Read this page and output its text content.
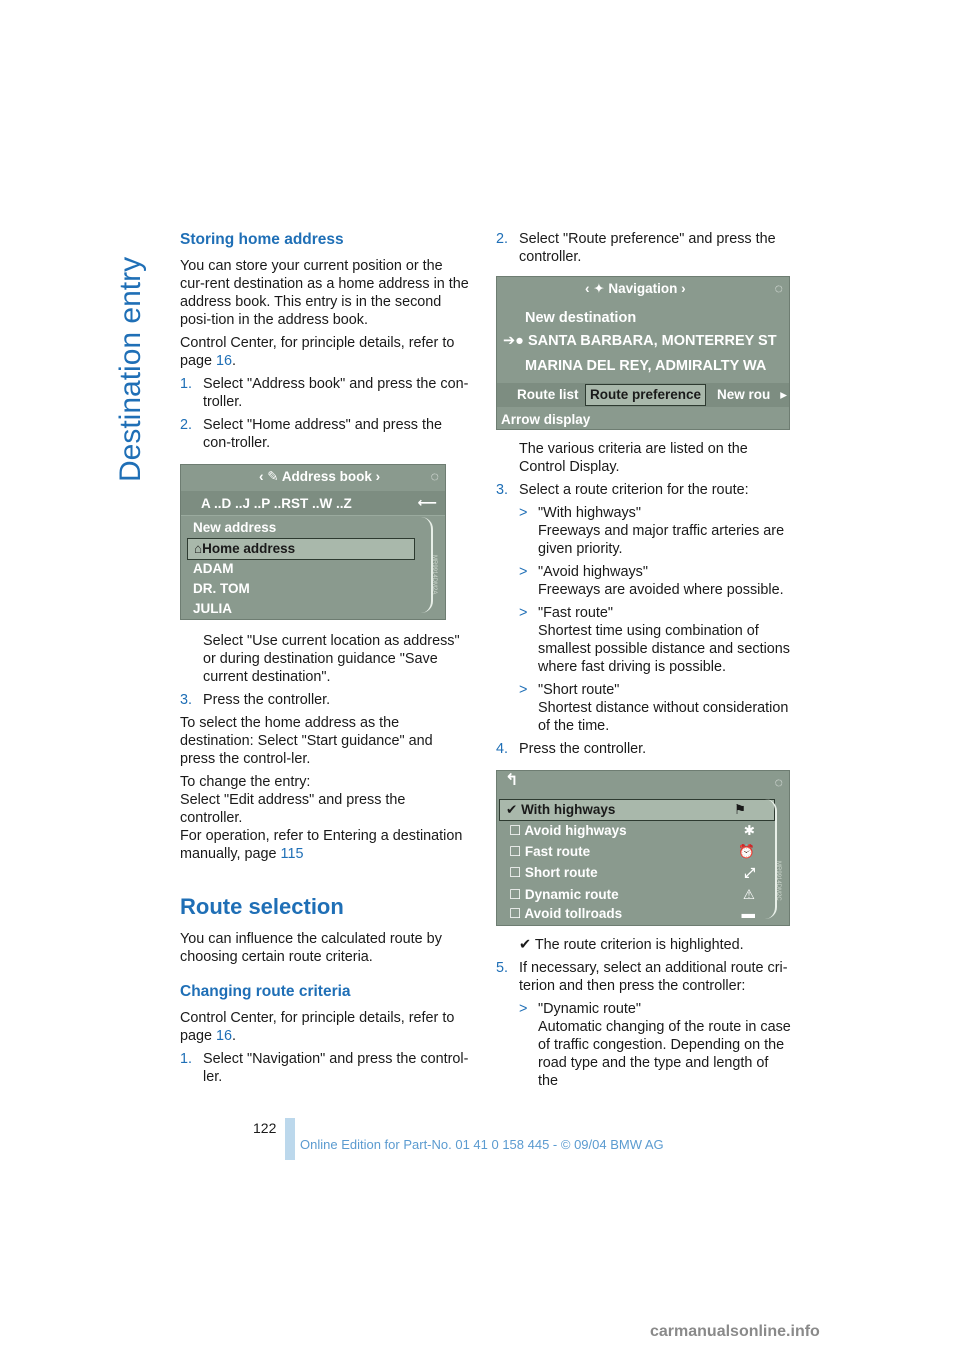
Destination entry
Storing home address

You can store your current position or the cur-rent destination as a home address in the address book. This entry is in the second posi-tion in the address book.

Control Center, for principle details, refer to page 16.

1. Select "Address book" and press the con-troller.
2. Select "Home address" and press the con-troller.
‹ ✎ Address book ›	◌
A ..D ..J ..P ..RST ..W ..Z	⟵
New address
⌂Home address
ADAM
DR. TOM
JULIA
MR9914DM2A

Select "Use current location as address" or during destination guidance "Save current destination".

3. Press the controller.

To select the home address as the destination: Select "Start guidance" and press the control-ler.

To change the entry:

Select "Edit address" and press the controller.

For operation, refer to Entering a destination manually, page 115

Route selection

You can influence the calculated route by choosing certain route criteria.

Changing route criteria

Control Center, for principle details, refer to page 16.

1. Select "Navigation" and press the control-ler.
2. Select "Route preference" and press the controller.
‹ ✦ Navigation ›	◌
New destination
➔● SANTA BARBARA, MONTERREY ST
MARINA DEL REY, ADMIRALTY WA
Route list Route preference	New rou ▸
Arrow display

The various criteria are listed on the Control Display.

3. Select a route criterion for the route:
> "With highways"
Freeways and major traffic arteries are given priority.
> "Avoid highways"
Freeways are avoided where possible.
> "Fast route"
Shortest time using combination of smallest possible distance and sections where fast driving is possible.
> "Short route"
Shortest distance without consideration of the time.
4. Press the controller.
↰	◌
✔ With highways	⚑
☐ Avoid highways	✱
☐ Fast route	⏰
☐ Short route	⤢
☐ Dynamic route	⚠
☐ Avoid tollroads	▬
MR9914DM2C

✔ The route criterion is highlighted.

5. If necessary, select an additional route cri-terion and then press the controller:
> "Dynamic route"
Automatic changing of the route in case of traffic congestion. Depending on the road type and the type and length of the
122
Online Edition for Part-No. 01 41 0 158 445 - © 09/04 BMW AG
carmanualsonline.info
